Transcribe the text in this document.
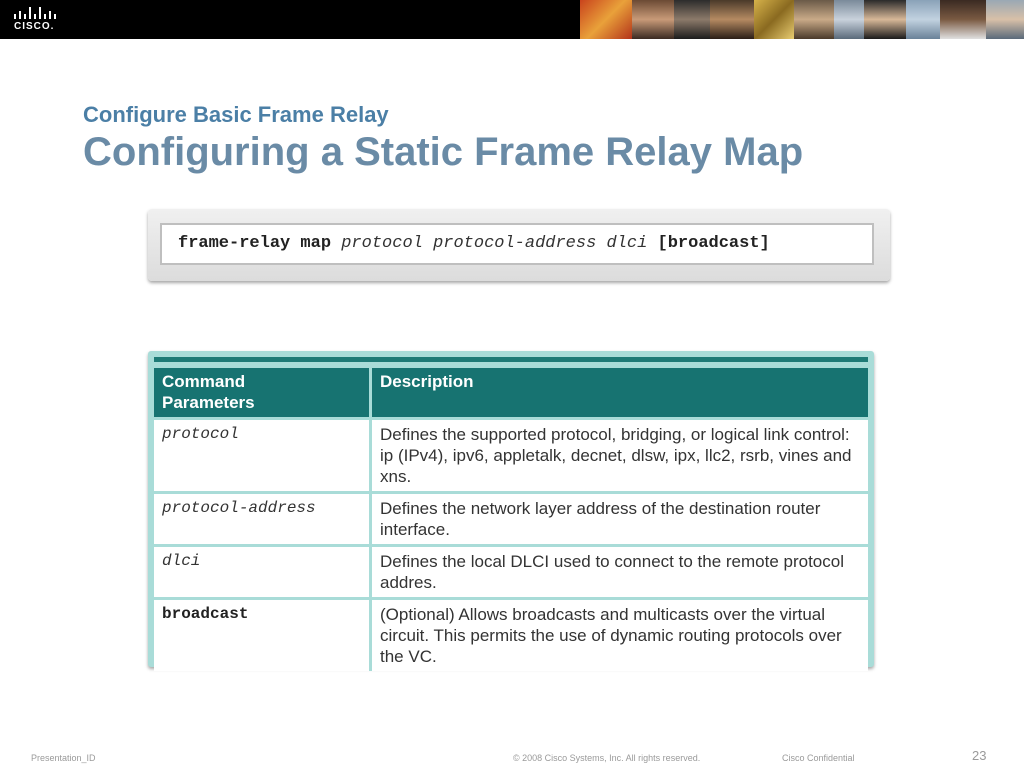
CISCO.
Configure Basic Frame Relay
Configuring a Static Frame Relay Map
frame-relay map protocol protocol-address dlci [broadcast]
Command
Parameters	Description
protocol	Defines the supported protocol, bridging, or logical link control: ip (IPv4), ipv6, appletalk, decnet, dlsw, ipx, llc2, rsrb, vines and xns.
protocol-address	Defines the network layer address of the destination router interface.
dlci	Defines the local DLCI used to connect to the remote protocol addres.
broadcast	(Optional) Allows broadcasts and multicasts over the virtual circuit. This permits the use of dynamic routing protocols over the VC.
Presentation_ID	© 2008 Cisco Systems, Inc. All rights reserved.	Cisco Confidential	23
